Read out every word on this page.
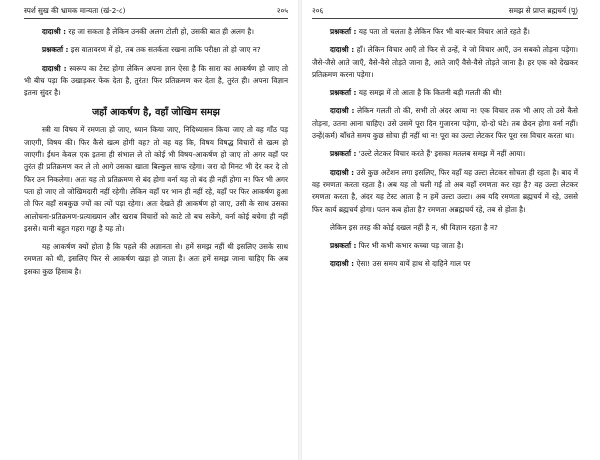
स्पर्श सुख की भ्रामक मान्यता (खं-2-८)	२०५

दादाश्री : रह जा सकता है लेकिन उनकी अलग टोली हो, उसकी बात ही अलग है।

प्रश्नकर्ता : इस वातावरण में हो, तब तक सतर्कता रखना ताकि परीक्षा तो हो जाए न?

दादाश्री : स्वरूप का टेस्ट होगा लेकिन अपना ज्ञान ऐसा है कि सारा का आकर्षण हो जाए तो भी बीच पड़ा कि उखाड़कर फेंक देता है, तुरंत! फिर प्रतिक्रमण कर देता है, तुरंत ही। अपना विज्ञान इतना सुंदर है।

जहाँ आकर्षण है, वहाँ जोखिम समझ

स्त्री या विषय में रमणता हो जाए, ध्यान किया जाए, निदिध्यासन किया जाए तो वह गाँठ पड़ जाएगी, विषय की। फिर कैसे खत्म होगी वह? तो वह यह कि, विषय विषद्ध विचारों से खत्म हो जाएगी। ईंधन केवल एक इतना ही संभाल ले तो कोई भी विषय-आकर्षण हो जाए तो अगर वहाँ पर तुरंत ही प्रतिक्रमण कर ले तो आगे उसका खाता बिल्कुल साफ रहेगा। जरा दो मिनट भी देर कर दे तो फिर उन निकलेगा। अतः यह तो प्रतिक्रमण से बंद होगा वर्ना यह तो बंद ही नहीं होगा न! फिर भी अगर पता हो जाए तो जोखिमदारी नहीं रहेगी। लेकिन वहाँ पर भान ही नहीं रहे, वहाँ पर फिर आकर्षण हुआ तो फिर वहाँ सबकुछ ज्यों का त्यों पड़ा रहेगा। अतः देखते ही आकर्षण हो जाए, उसी के साथ उसका आलोचना-प्रतिक्रमण-प्रत्याख्यान और खराब विचारों को काटे तो बच सकेंगे, वर्ना कोई बचेगा ही नहीं इससे। यानी बहुत गहरा गड्ढा है यह तो।

यह आकर्षण क्यों होता है कि पहले की अज्ञानता से। हमें समझ नहीं थी इसलिए उसके साथ रमणता को थी, इसलिए फिर से आकर्षण खड़ा हो जाता है। अतः हमें समझ जाना चाहिए कि अब इसका कुछ हिसाब है।

२०६	समझ से प्राप्त ब्रह्मचर्य (पू)

प्रश्नकर्ता : यह पता तो चलता है लेकिन फिर भी बार-बार विचार आते रहते हैं।

दादाश्री : हाँ। लेकिन विचार आएँ तो फिर से उन्हें, वे जो विचार आएँ, उन सबको तोड़ना पड़ेगा। जैसे-जैसे आते जाएँ, वैसे-वैसे तोड़ते जाना है, आते जाएँ वैसे-वैसे तोड़ते जाना है। हर एक को देखकर प्रतिक्रमण करना पड़ेगा।

प्रश्नकर्ता : यह समझ में तो आता है कि कितनी बड़ी गलती की थी!

दादाश्री : लेकिन गलती तो की, सभी तो अंदर आया न! एक विचार तक भी आए तो उसे कैसे तोड़ना, उतना आना चाहिए। उसे उसमें पूरा दिन गुजारना पड़ेगा, दो-दो घंटे। तब छेदन होगा वर्ना नहीं। उन्हें(कर्म) बाँधते समय कुछ सोचा ही नहीं था न! पूरा का उल्टा लेटकर फिर पूरा रस विचार करता था।

प्रश्नकर्ता : 'उल्टे लेटकर विचार करते हैं' इसका मतलब समझ में नहीं आया।

दादाश्री : उसे कुछ अटेंशन लगा इसलिए, फिर वहाँ यह उल्टा लेटकर सोचता ही रहता है। बाद में वह रमणता करता रहता है। अब यह तो चली गई तो अब वहाँ रमणता कर रहा है? वह उल्टा लेटकर रमणता करता है, अंदर यह टेस्ट आता है न हमें उल्टा उल्टा। अब यदि रमणता ब्रह्मचर्य में रहे, उससे फिर कार्य ब्रह्मचर्य होगा। पतन कब होता है? रमणता अब्रह्मचर्य रहे, तब से होता है।

लेकिन इस तरह की कोई दखल नहीं है न, श्री विज्ञान रहता है न?

प्रश्नकर्ता : फिर भी कभी कभार कच्चा पड़ जाता है।

दादाश्री : ऐसा! उस समय वायें हाथ से दाहिने गाल पर
